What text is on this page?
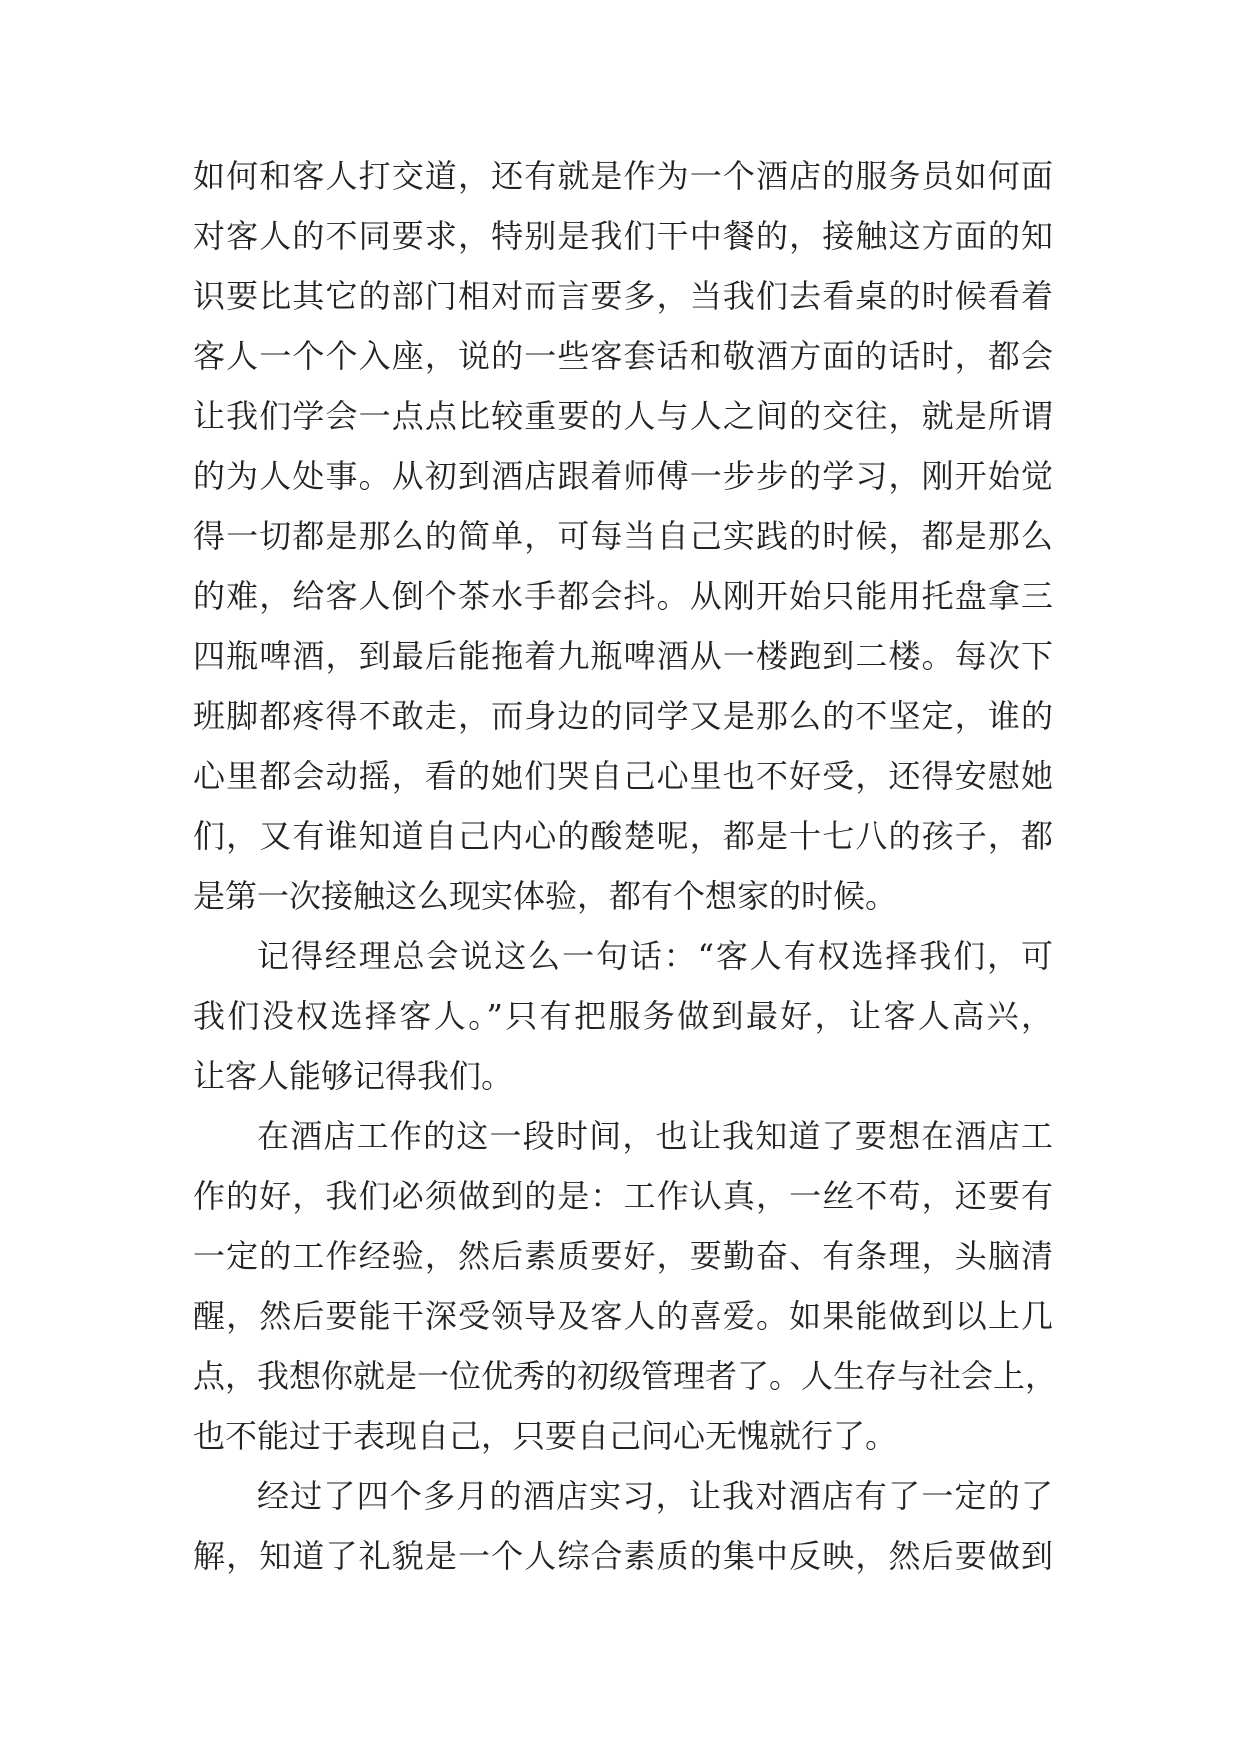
如何和客人打交道，还有就是作为一个酒店的服务员如何面
对客人的不同要求，特别是我们干中餐的，接触这方面的知
识要比其它的部门相对而言要多，当我们去看桌的时候看着
客人一个个入座，说的一些客套话和敬酒方面的话时，都会
让我们学会一点点比较重要的人与人之间的交往，就是所谓
的为人处事。从初到酒店跟着师傅一步步的学习，刚开始觉
得一切都是那么的简单，可每当自己实践的时候，都是那么
的难，给客人倒个茶水手都会抖。从刚开始只能用托盘拿三
四瓶啤酒，到最后能拖着九瓶啤酒从一楼跑到二楼。每次下
班脚都疼得不敢走，而身边的同学又是那么的不坚定，谁的
心里都会动摇，看的她们哭自己心里也不好受，还得安慰她
们，又有谁知道自己内心的酸楚呢，都是十七八的孩子，都
是第一次接触这么现实体验，都有个想家的时候。
记得经理总会说这么一句话：“客人有权选择我们，可
我们没权选择客人。”只有把服务做到最好，让客人高兴，
让客人能够记得我们。
在酒店工作的这一段时间，也让我知道了要想在酒店工
作的好，我们必须做到的是：工作认真，一丝不苟，还要有
一定的工作经验，然后素质要好，要勤奋、有条理，头脑清
醒，然后要能干深受领导及客人的喜爱。如果能做到以上几
点，我想你就是一位优秀的初级管理者了。人生存与社会上，
也不能过于表现自己，只要自己问心无愧就行了。
经过了四个多月的酒店实习，让我对酒店有了一定的了
解，知道了礼貌是一个人综合素质的集中反映，然后要做到
